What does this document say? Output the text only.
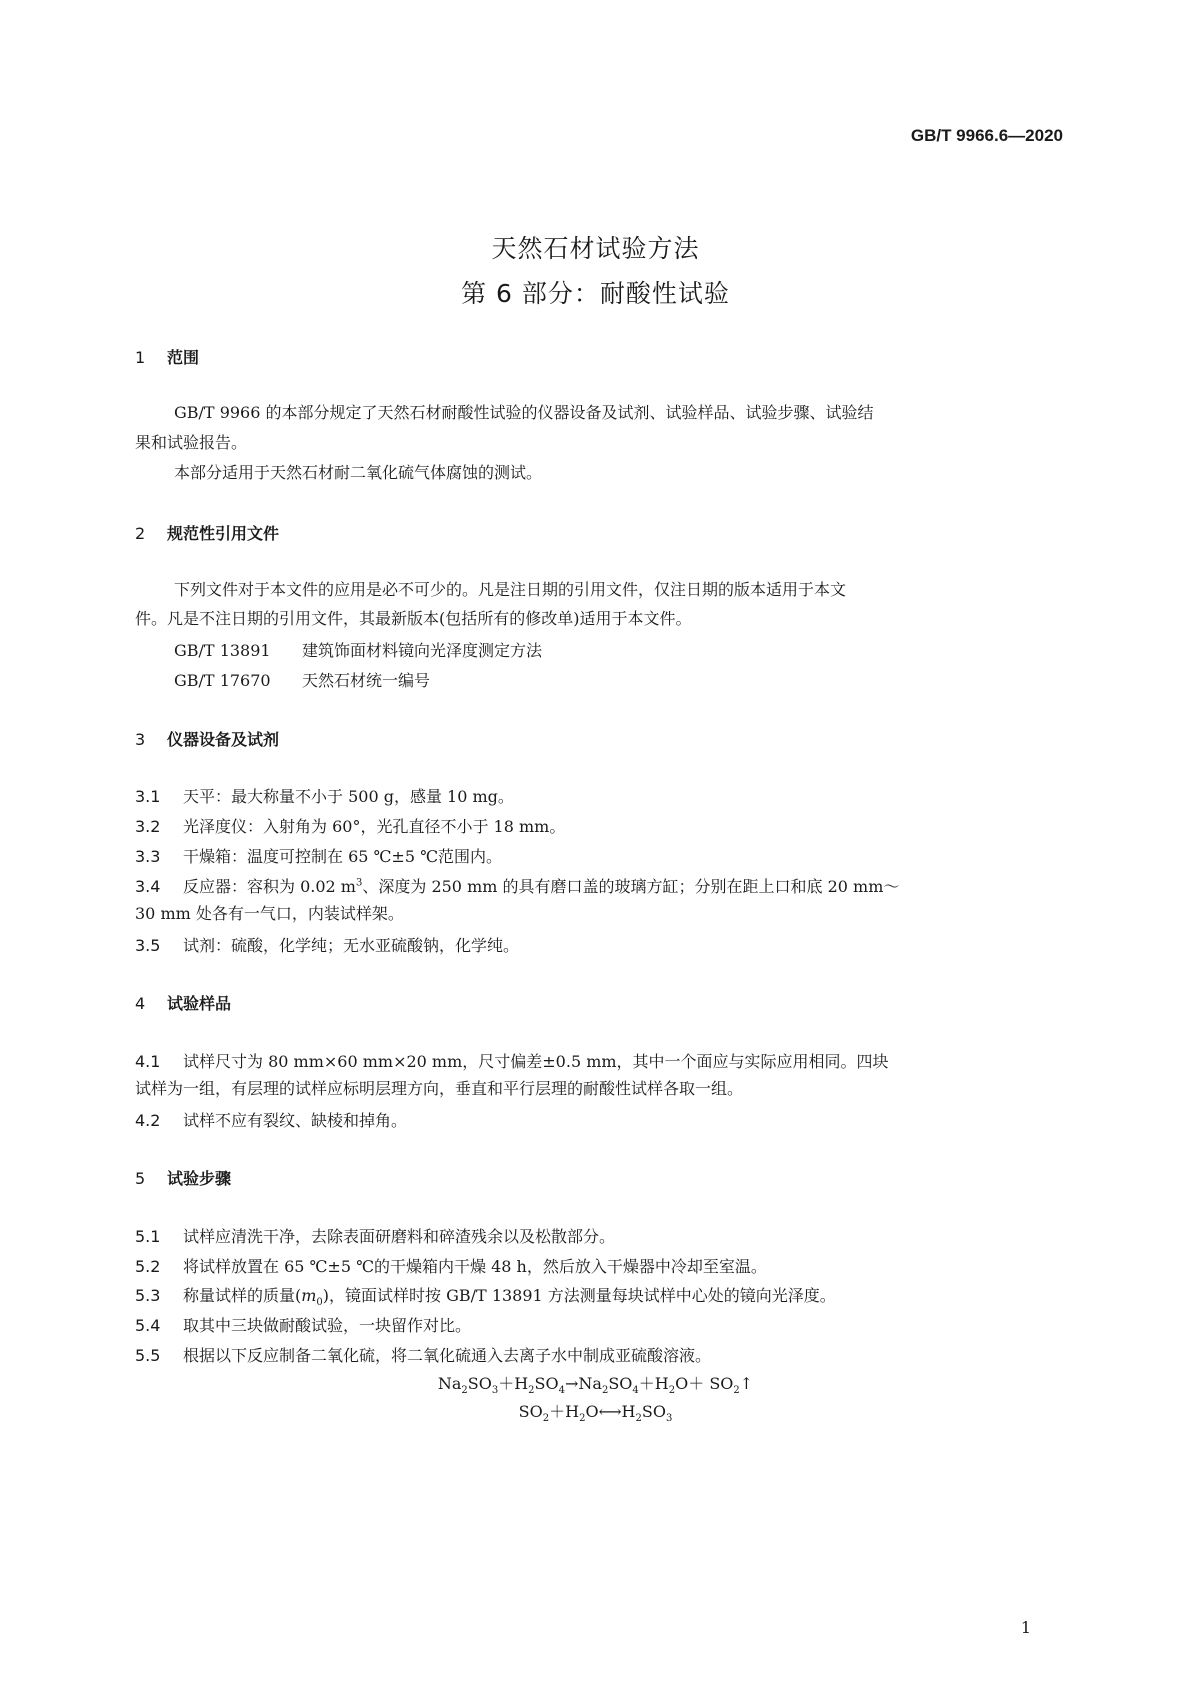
GB/T 9966.6—2020
天然石材试验方法
第 6 部分：耐酸性试验
1 范围
GB/T 9966 的本部分规定了天然石材耐酸性试验的仪器设备及试剂、试验样品、试验步骤、试验结
果和试验报告。
本部分适用于天然石材耐二氧化硫气体腐蚀的测试。
2 规范性引用文件
下列文件对于本文件的应用是必不可少的。凡是注日期的引用文件，仅注日期的版本适用于本文
件。凡是不注日期的引用文件，其最新版本(包括所有的修改单)适用于本文件。
GB/T 13891 建筑饰面材料镜向光泽度测定方法
GB/T 17670 天然石材统一编号
3 仪器设备及试剂
3.1 天平：最大称量不小于 500 g，感量 10 mg。
3.2 光泽度仪：入射角为 60°，光孔直径不小于 18 mm。
3.3 干燥箱：温度可控制在 65 ℃±5 ℃范围内。
3.4 反应器：容积为 0.02 $m^3$、深度为 250 mm 的具有磨口盖的玻璃方缸；分别在距上口和底 20 mm～
30 mm 处各有一气口，内装试样架。
3.5 试剂：硫酸，化学纯；无水亚硫酸钠，化学纯。
4 试验样品
4.1 试样尺寸为 80 mm×60 mm×20 mm，尺寸偏差±0.5 mm，其中一个面应与实际应用相同。四块
试样为一组，有层理的试样应标明层理方向，垂直和平行层理的耐酸性试样各取一组。
4.2 试样不应有裂纹、缺棱和掉角。
5 试验步骤
5.1 试样应清洗干净，去除表面研磨料和碎渣残余以及松散部分。
5.2 将试样放置在 65 ℃±5 ℃的干燥箱内干燥 48 h，然后放入干燥器中冷却至室温。
5.3 称量试样的质量$(m_0)$，镜面试样时按 GB/T 13891 方法测量每块试样中心处的镜向光泽度。
5.4 取其中三块做耐酸试验，一块留作对比。
5.5 根据以下反应制备二氧化硫，将二氧化硫通入去离子水中制成亚硫酸溶液。
$Na_2SO_3+H_2SO_4\to Na_2SO_4+H_2O+$ $SO_2↑$
$SO_2+H_2O⟷H_2SO_3$
1
